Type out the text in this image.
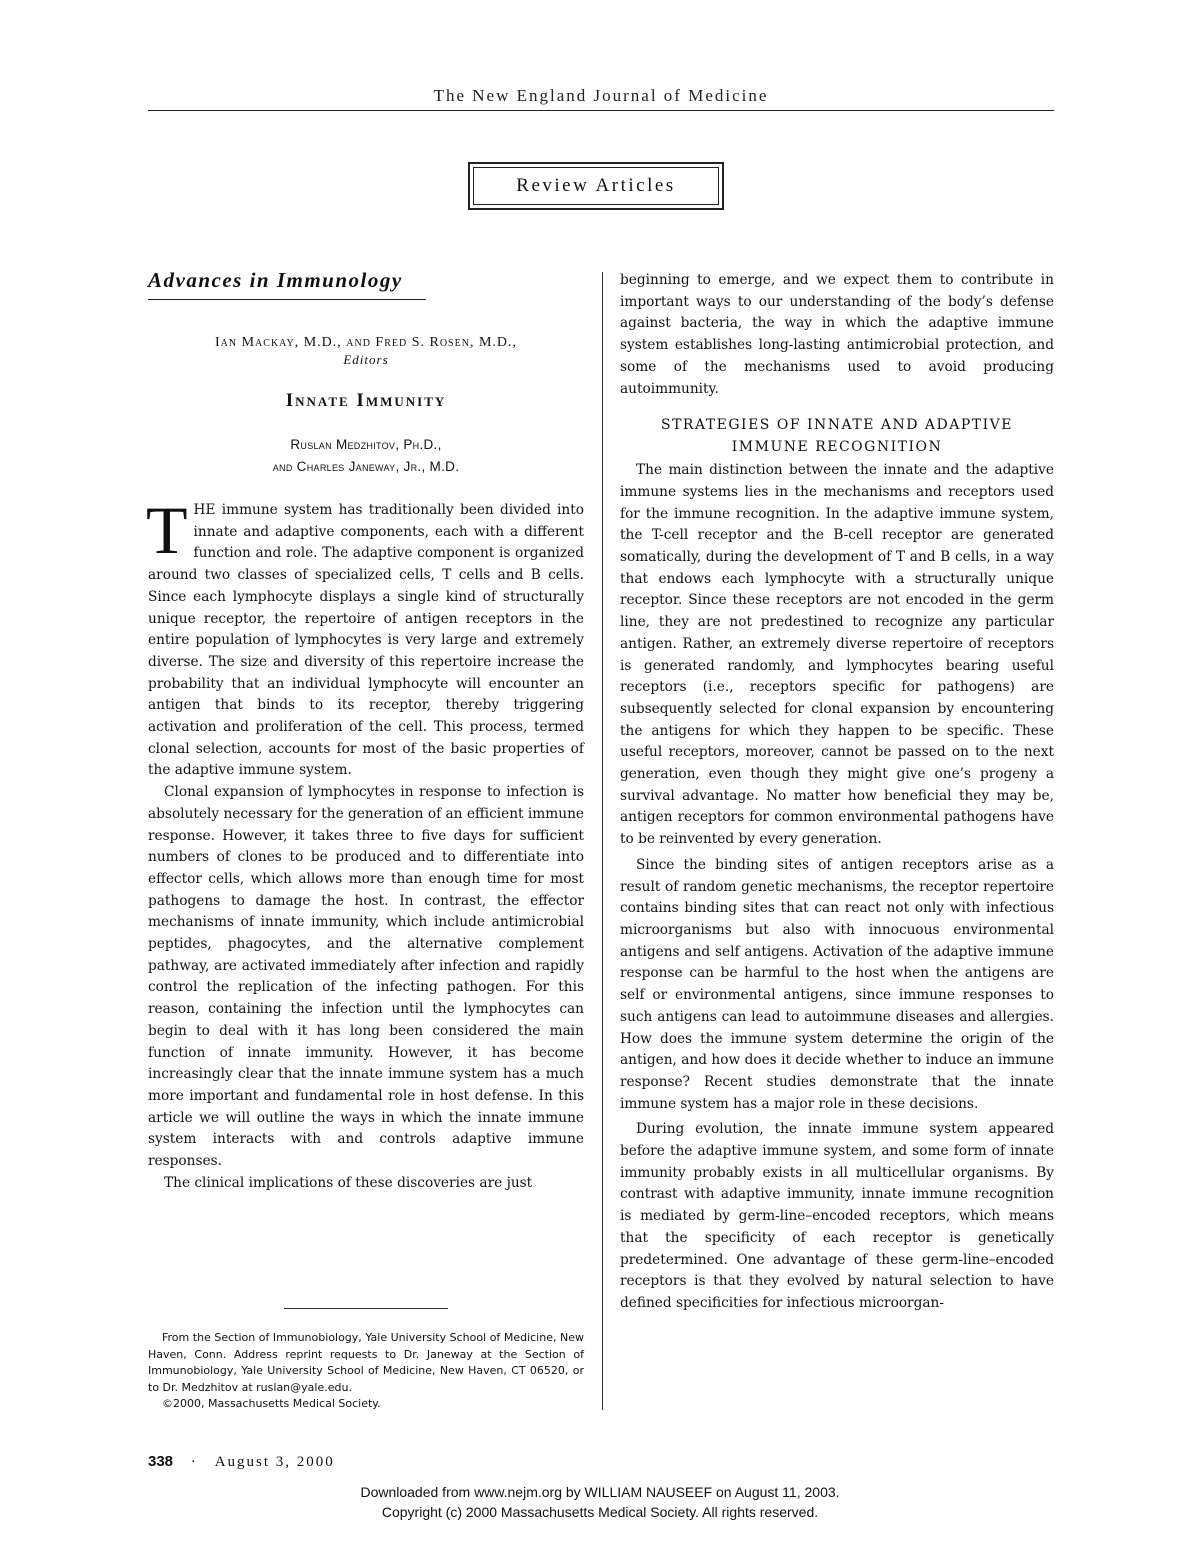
The New England Journal of Medicine
Review Articles
Advances in Immunology
Ian Mackay, M.D., and Fred S. Rosen, M.D.,
Editors
Innate Immunity
Ruslan Medzhitov, Ph.D.,
and Charles Janeway, Jr., M.D.

THE immune system has traditionally been divided into innate and adaptive components, each with a different function and role. The adaptive component is organized around two classes of specialized cells, T cells and B cells. Since each lymphocyte displays a single kind of structurally unique receptor, the repertoire of antigen receptors in the entire population of lymphocytes is very large and extremely diverse. The size and diversity of this repertoire increase the probability that an individual lymphocyte will encounter an antigen that binds to its receptor, thereby triggering activation and proliferation of the cell. This process, termed clonal selection, accounts for most of the basic properties of the adaptive immune system.

Clonal expansion of lymphocytes in response to infection is absolutely necessary for the generation of an efficient immune response. However, it takes three to five days for sufficient numbers of clones to be produced and to differentiate into effector cells, which allows more than enough time for most pathogens to damage the host. In contrast, the effector mechanisms of innate immunity, which include antimicrobial peptides, phagocytes, and the alternative complement pathway, are activated immediately after infection and rapidly control the replication of the infecting pathogen. For this reason, containing the infection until the lymphocytes can begin to deal with it has long been considered the main function of innate immunity. However, it has become increasingly clear that the innate immune system has a much more important and fundamental role in host defense. In this article we will outline the ways in which the innate immune system interacts with and controls adaptive immune responses.

The clinical implications of these discoveries are just

beginning to emerge, and we expect them to contribute in important ways to our understanding of the body’s defense against bacteria, the way in which the adaptive immune system establishes long-lasting antimicrobial protection, and some of the mechanisms used to avoid producing autoimmunity.

STRATEGIES OF INNATE AND ADAPTIVE
IMMUNE RECOGNITION

The main distinction between the innate and the adaptive immune systems lies in the mechanisms and receptors used for the immune recognition. In the adaptive immune system, the T-cell receptor and the B-cell receptor are generated somatically, during the development of T and B cells, in a way that endows each lymphocyte with a structurally unique receptor. Since these receptors are not encoded in the germ line, they are not predestined to recognize any particular antigen. Rather, an extremely diverse repertoire of receptors is generated randomly, and lymphocytes bearing useful receptors (i.e., receptors specific for pathogens) are subsequently selected for clonal expansion by encountering the antigens for which they happen to be specific. These useful receptors, moreover, cannot be passed on to the next generation, even though they might give one’s progeny a survival advantage. No matter how beneficial they may be, antigen receptors for common environmental pathogens have to be reinvented by every generation.

Since the binding sites of antigen receptors arise as a result of random genetic mechanisms, the receptor repertoire contains binding sites that can react not only with infectious microorganisms but also with innocuous environmental antigens and self antigens. Activation of the adaptive immune response can be harmful to the host when the antigens are self or environmental antigens, since immune responses to such antigens can lead to autoimmune diseases and allergies. How does the immune system determine the origin of the antigen, and how does it decide whether to induce an immune response? Recent studies demonstrate that the innate immune system has a major role in these decisions.

During evolution, the innate immune system appeared before the adaptive immune system, and some form of innate immunity probably exists in all multicellular organisms. By contrast with adaptive immunity, innate immune recognition is mediated by germ-line–encoded receptors, which means that the specificity of each receptor is genetically predetermined. One advantage of these germ-line–encoded receptors is that they evolved by natural selection to have defined specificities for infectious microorgan-

From the Section of Immunobiology, Yale University School of Medicine, New Haven, Conn. Address reprint requests to Dr. Janeway at the Section of Immunobiology, Yale University School of Medicine, New Haven, CT 06520, or to Dr. Medzhitov at ruslan@yale.edu.

©2000, Massachusetts Medical Society.

338 · August 3, 2000
Downloaded from www.nejm.org by WILLIAM NAUSEEF on August 11, 2003.
Copyright (c) 2000 Massachusetts Medical Society. All rights reserved.
